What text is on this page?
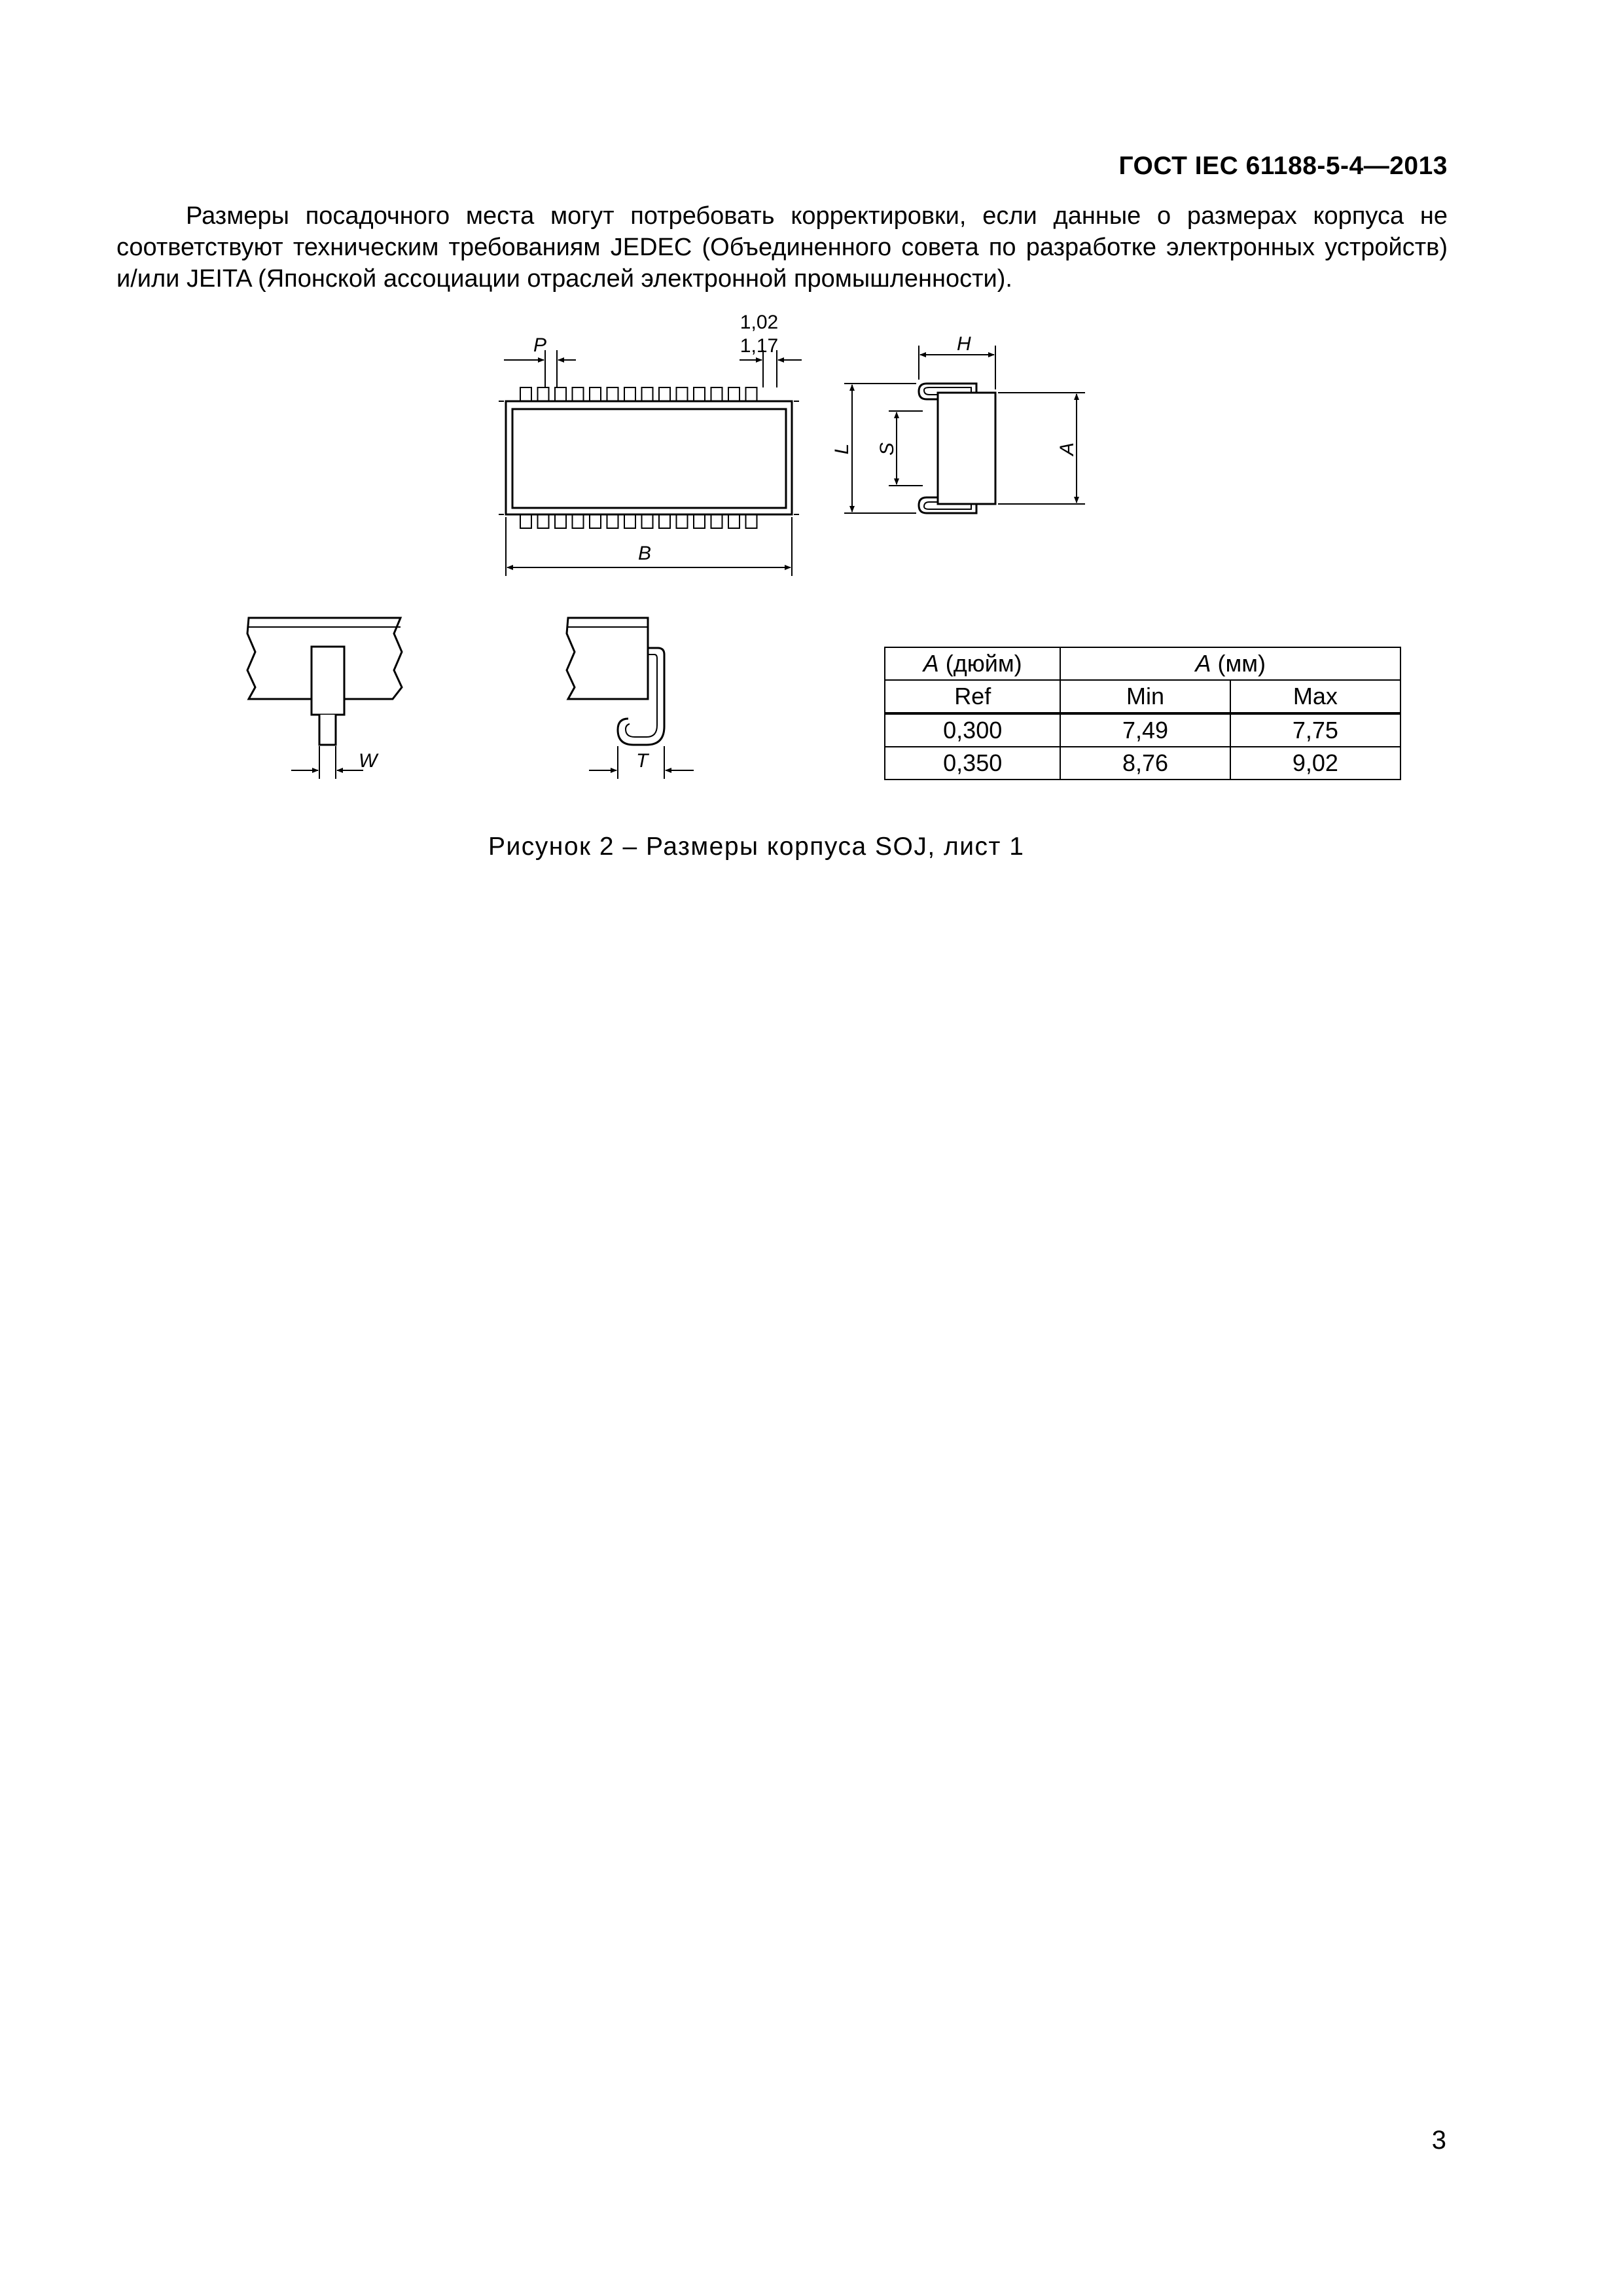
ГОСТ IEC 61188-5-4—2013

Размеры посадочного места могут потребовать корректировки, если данные о размерах корпуса не соответствуют техническим требованиям JEDEC (Объединенного совета по разработке электронных устройств) и/или JEITA (Японской ассоциации отраслей электронной промышленности).

P
1,02
1,17
B
H
L S	A
W	T
A (дюйм)	A (мм)	
Ref	Min	Max
0,300	7,49	7,75
0,350	8,76	9,02
Рисунок 2 – Размеры корпуса SOJ, лист 1
3
